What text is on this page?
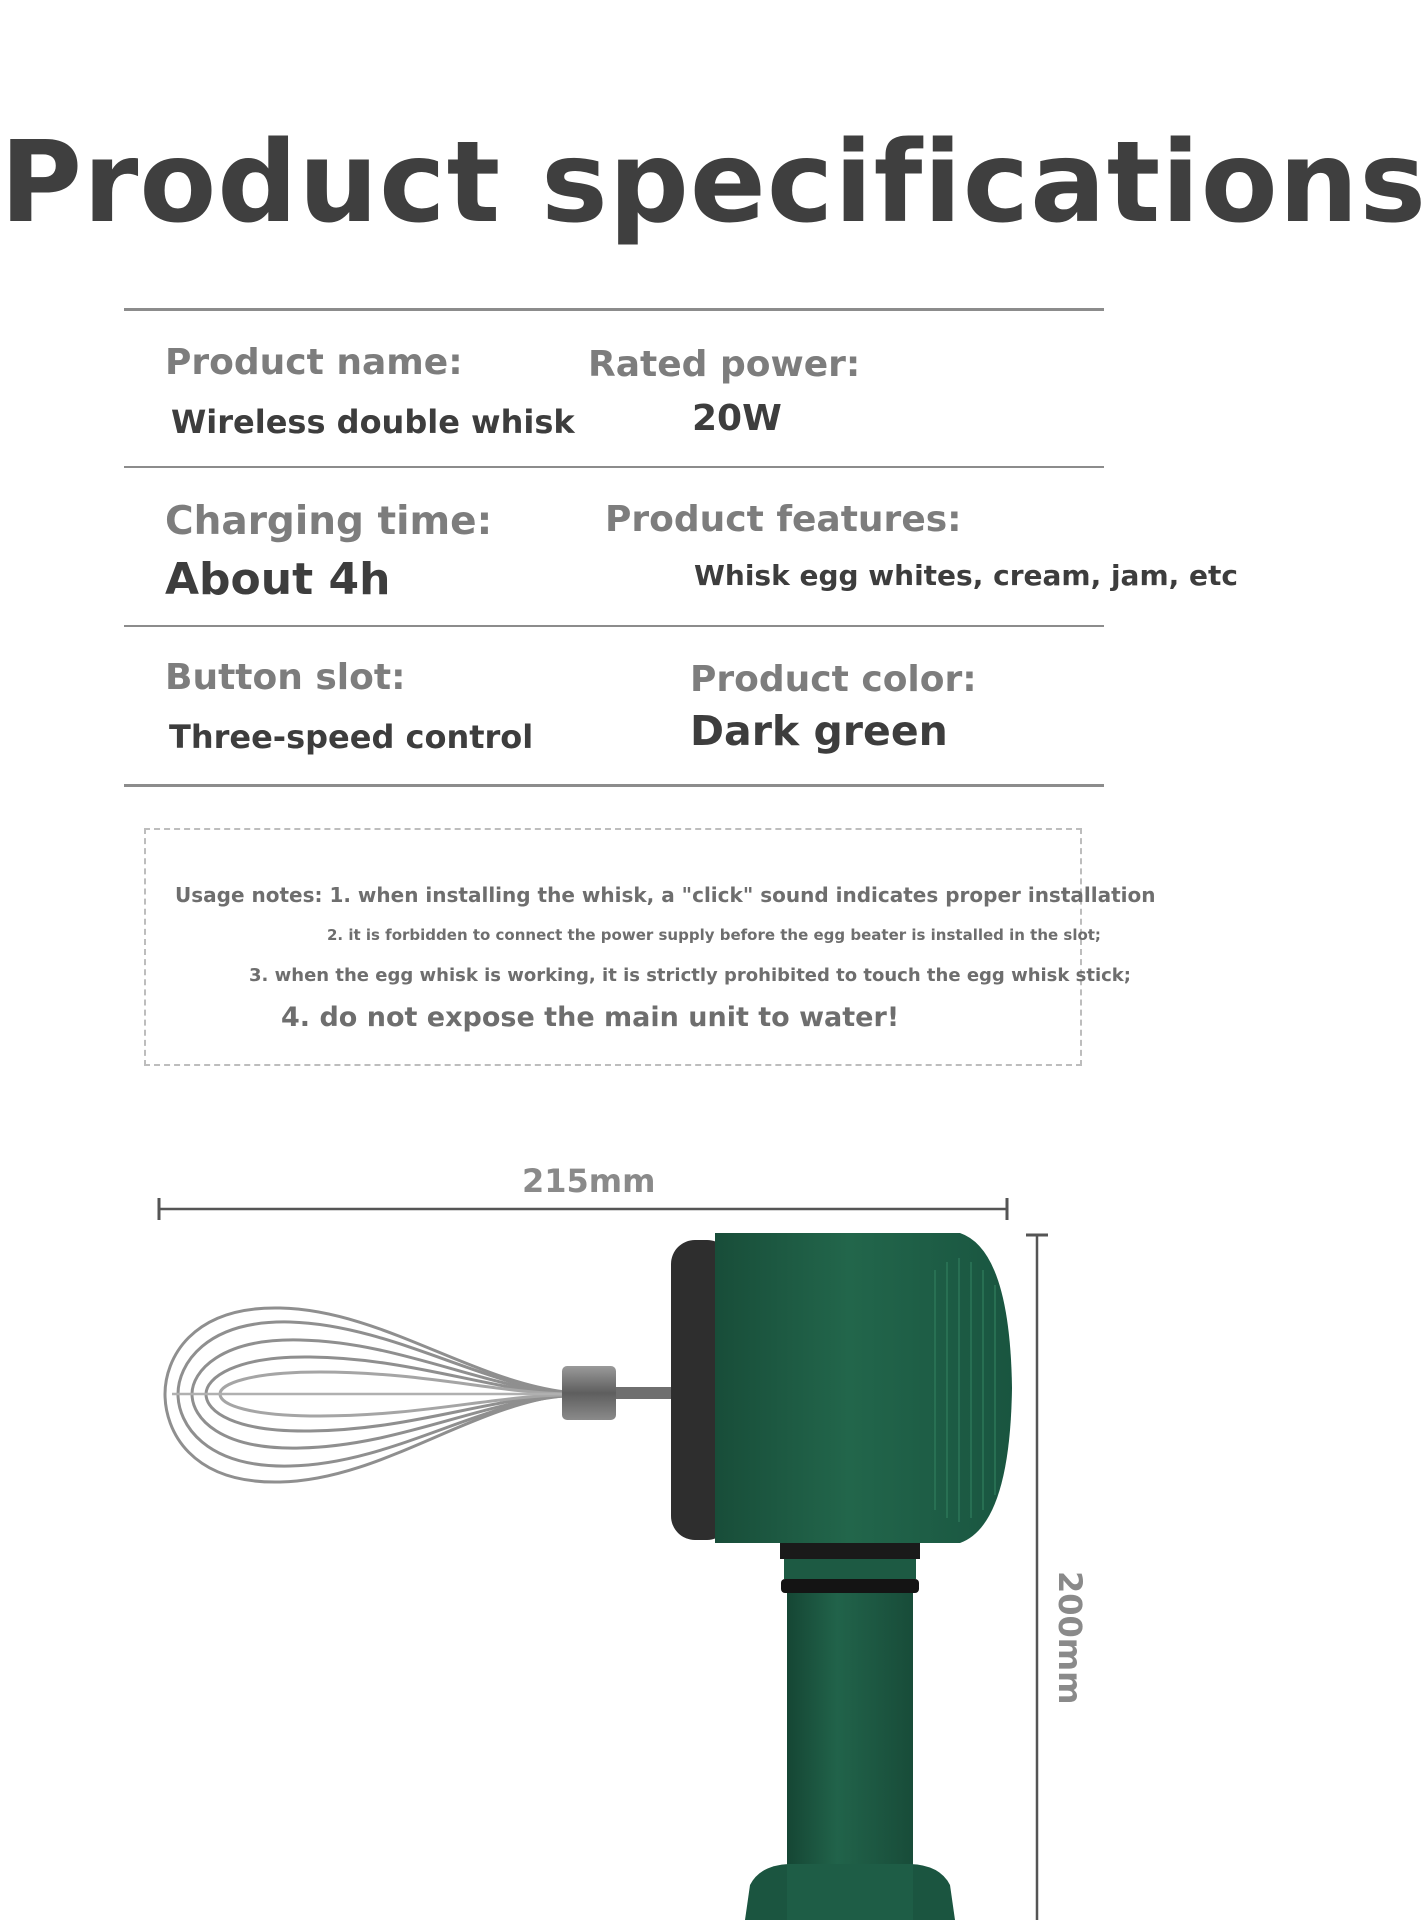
Product specifications
Product name:
Wireless double whisk
Rated power:
20W
Charging time:
About 4h
Product features:
Whisk egg whites, cream, jam, etc
Button slot:
Three-speed control
Product color:
Dark green
Usage notes: 1. when installing the whisk, a "click" sound indicates proper installation
2. it is forbidden to connect the power supply before the egg beater is installed in the slot;
3. when the egg whisk is working, it is strictly prohibited to touch the egg whisk stick;
4. do not expose the main unit to water!
215mm
200mm
